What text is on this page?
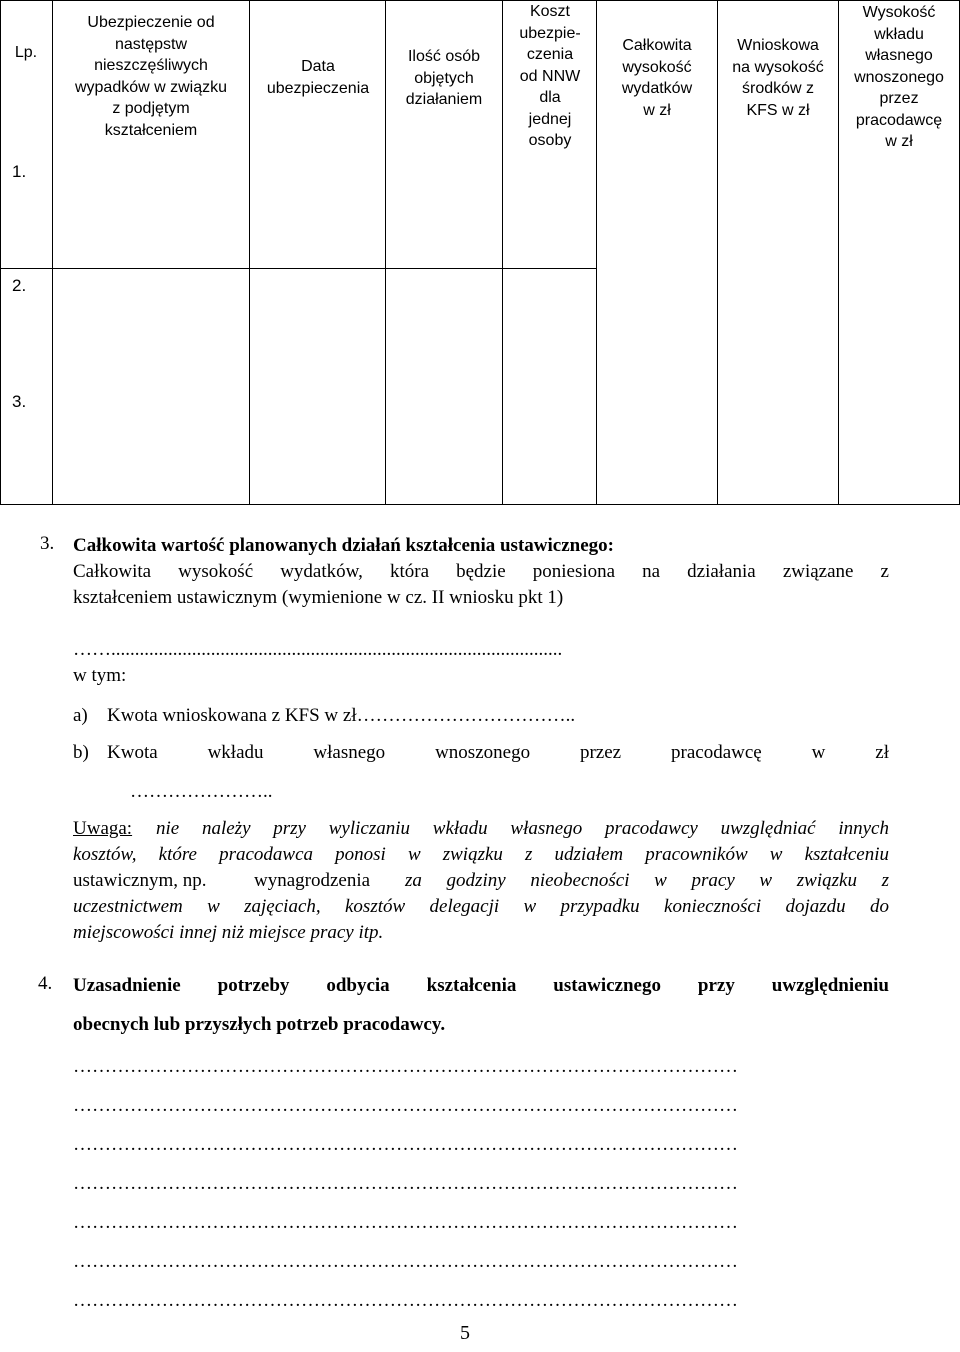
Lp.
Ubezpieczenie od
następstw
nieszczęśliwych
wypadków w związku
z podjętym
kształceniem
Data
ubezpieczenia
Ilość osób
objętych
działaniem
Koszt
ubezpie-
czenia
od NNW
dla
jednej
osoby
Całkowita
wysokość
wydatków
w zł
Wnioskowa
na wysokość
środków z
KFS w zł
Wysokość
wkładu
własnego
wnoszonego
przez
pracodawcę
w zł
1.
2.
3.
3. Całkowita wartość planowanych działań kształcenia ustawicznego:
Całkowita wysokość wydatków, która będzie poniesiona na działania związane z
kształceniem ustawicznym (wymienione w cz. II wniosku pkt 1)
……...............................................................................................
w tym:
a) Kwota wnioskowana z KFS w zł……………………………..
b) Kwota wkładu własnego wnoszonego przez pracodawcę w zł
…………………..
Uwaga: nie należy przy wyliczaniu wkładu własnego pracodawcy uwzględniać innych
kosztów, które pracodawca ponosi w związku z udziałem pracowników w kształceniu
ustawicznym, np. wynagrodzenia za godziny nieobecności w pracy w związku z
uczestnictwem w zajęciach, kosztów delegacji w przypadku konieczności dojazdu do
miejscowości innej niż miejsce pracy itp.
4. Uzasadnienie potrzeby odbycia kształcenia ustawicznego przy uwzględnieniu
obecnych lub przyszłych potrzeb pracodawcy.
……………………………………………………………………………………………
……………………………………………………………………………………………
……………………………………………………………………………………………
……………………………………………………………………………………………
……………………………………………………………………………………………
……………………………………………………………………………………………
……………………………………………………………………………………………
5
